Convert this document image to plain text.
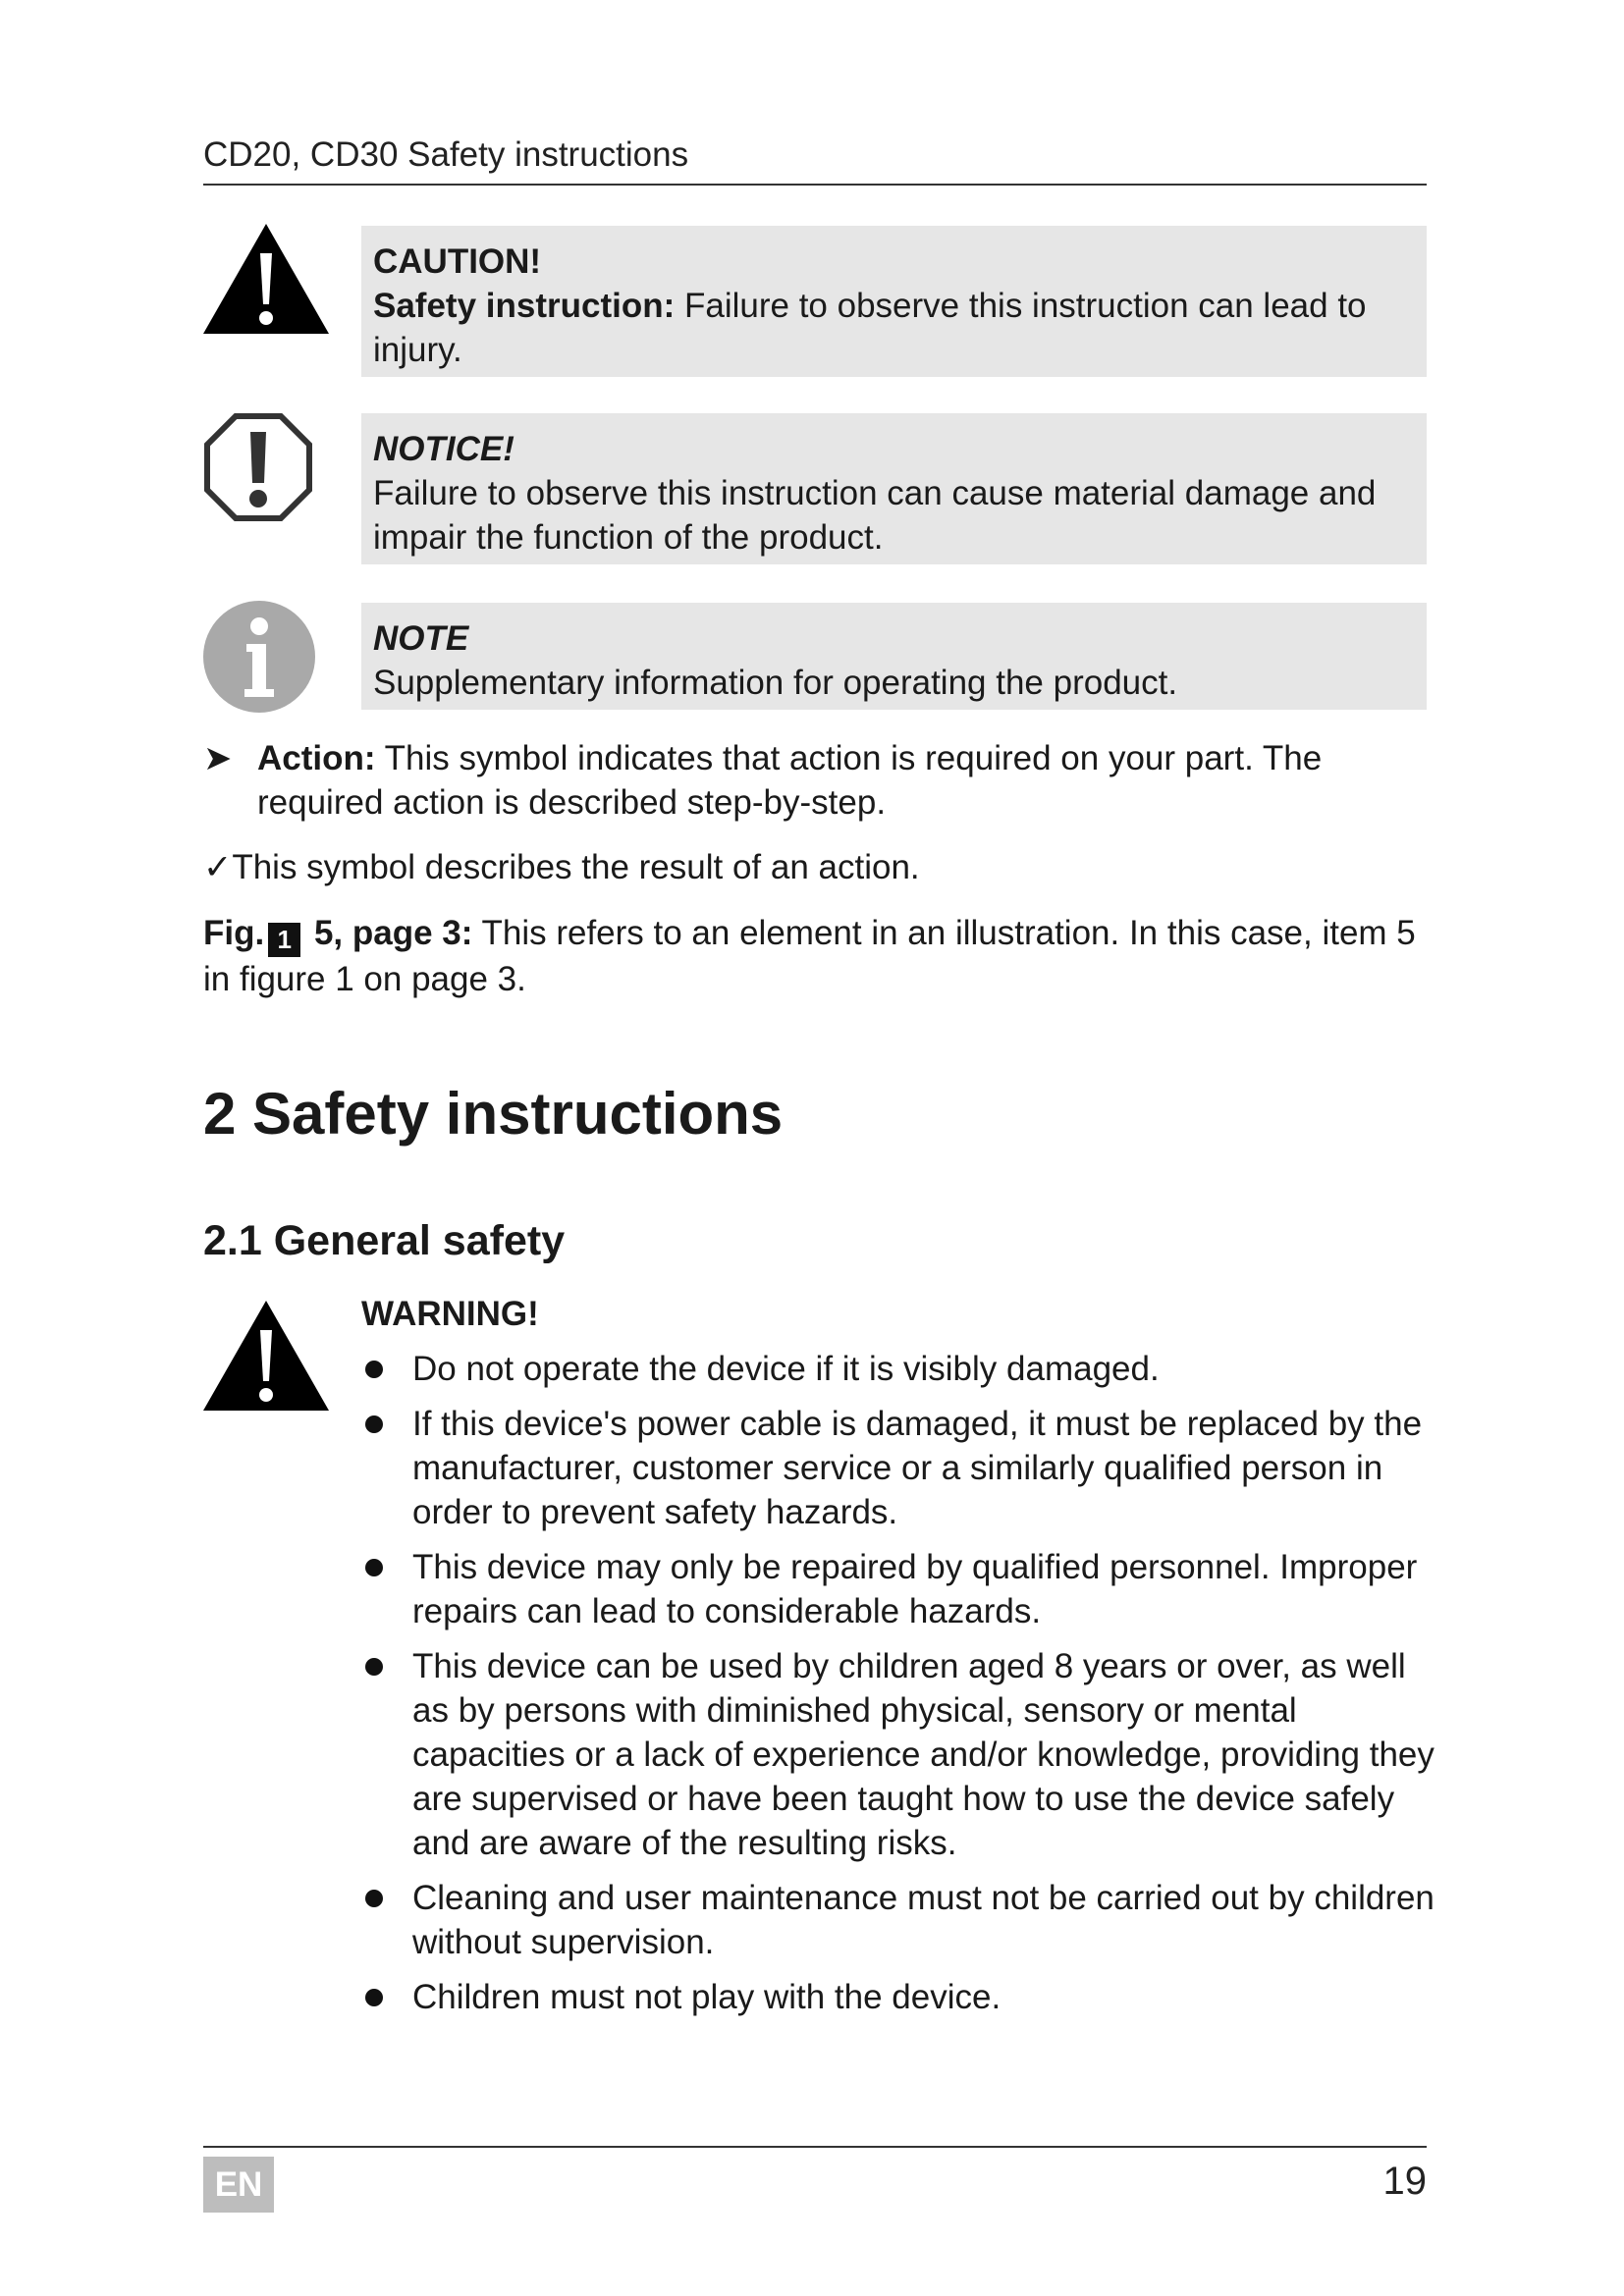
CD20, CD30 Safety instructions
CAUTION!
Safety instruction: Failure to observe this instruction can lead to injury.
NOTICE!
Failure to observe this instruction can cause material damage and impair the function of the product.
NOTE
Supplementary information for operating the product.
➤ Action: This symbol indicates that action is required on your part. The required action is described step-by-step.
✓This symbol describes the result of an action.
Fig. 1 5, page 3: This refers to an element in an illustration. In this case, item 5 in figure 1 on page 3.
2 Safety instructions
2.1 General safety
WARNING!
Do not operate the device if it is visibly damaged.
If this device's power cable is damaged, it must be replaced by the manufacturer, customer service or a similarly qualified person in order to prevent safety hazards.
This device may only be repaired by qualified personnel. Improper repairs can lead to considerable hazards.
This device can be used by children aged 8 years or over, as well as by persons with diminished physical, sensory or mental capacities or a lack of experience and/or knowledge, providing they are supervised or have been taught how to use the device safely and are aware of the resulting risks.
Cleaning and user maintenance must not be carried out by children without supervision.
Children must not play with the device.
EN	19
